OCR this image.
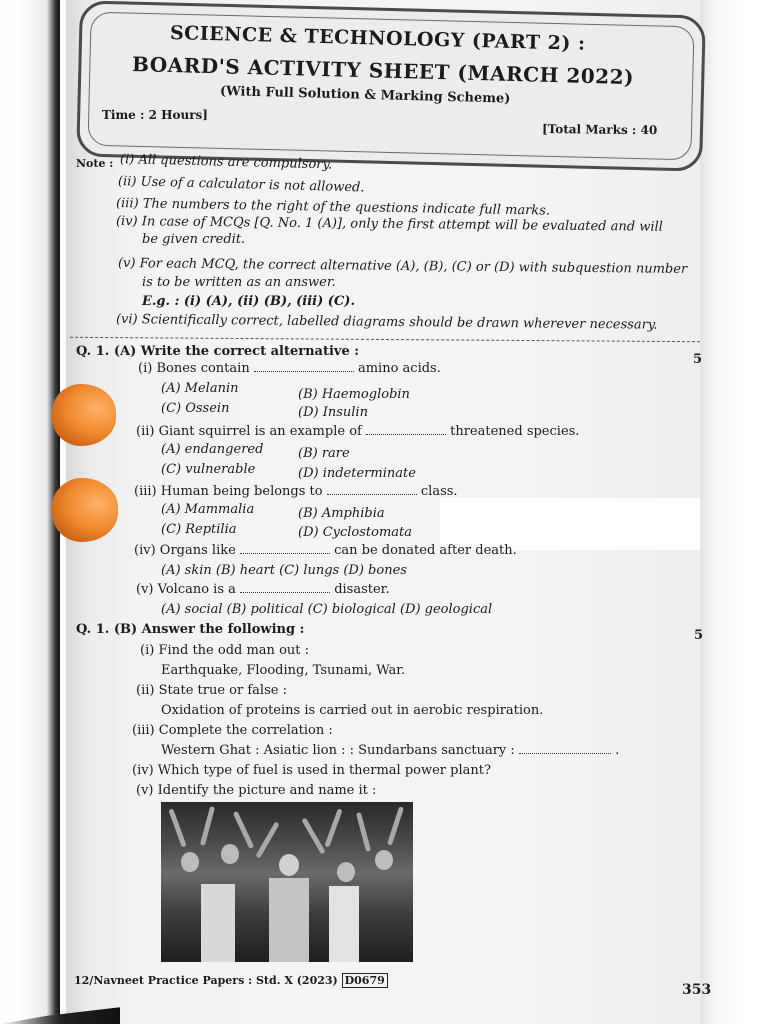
SCIENCE & TECHNOLOGY (PART 2) :
BOARD'S ACTIVITY SHEET (MARCH 2022)
(With Full Solution & Marking Scheme)
Time : 2 Hours]
[Total Marks : 40
Note : (i) All questions are compulsory.
(ii) Use of a calculator is not allowed.
(iii) The numbers to the right of the questions indicate full marks.
(iv) In case of MCQs [Q. No. 1 (A)], only the first attempt will be evaluated and will
be given credit.
(v) For each MCQ, the correct alternative (A), (B), (C) or (D) with subquestion number
is to be written as an answer.
E.g. : (i) (A), (ii) (B), (iii) (C).
(vi) Scientifically correct, labelled diagrams should be drawn wherever necessary.
Q. 1. (A) Write the correct alternative :
5
(i) Bones contain	amino acids.
(A) Melanin	(B) Haemoglobin
(C) Ossein	(D) Insulin
(ii) Giant squirrel is an example of	threatened species.
(A) endangered	(B) rare
(C) vulnerable	(D) indeterminate
(iii) Human being belongs to	class.
(A) Mammalia	(B) Amphibia
(C) Reptilia	(D) Cyclostomata
(iv) Organs like	can be donated after death.
(A) skin (B) heart (C) lungs (D) bones
(v) Volcano is a	disaster.
(A) social (B) political (C) biological (D) geological
Q. 1. (B) Answer the following :	5
(i) Find the odd man out :
Earthquake, Flooding, Tsunami, War.
(ii) State true or false :
Oxidation of proteins is carried out in aerobic respiration.
(iii) Complete the correlation :
Western Ghat : Asiatic lion : : Sundarbans sanctuary :	.
(iv) Which type of fuel is used in thermal power plant?
(v) Identify the picture and name it :
12/Navneet Practice Papers : Std. X (2023) D0679
353
